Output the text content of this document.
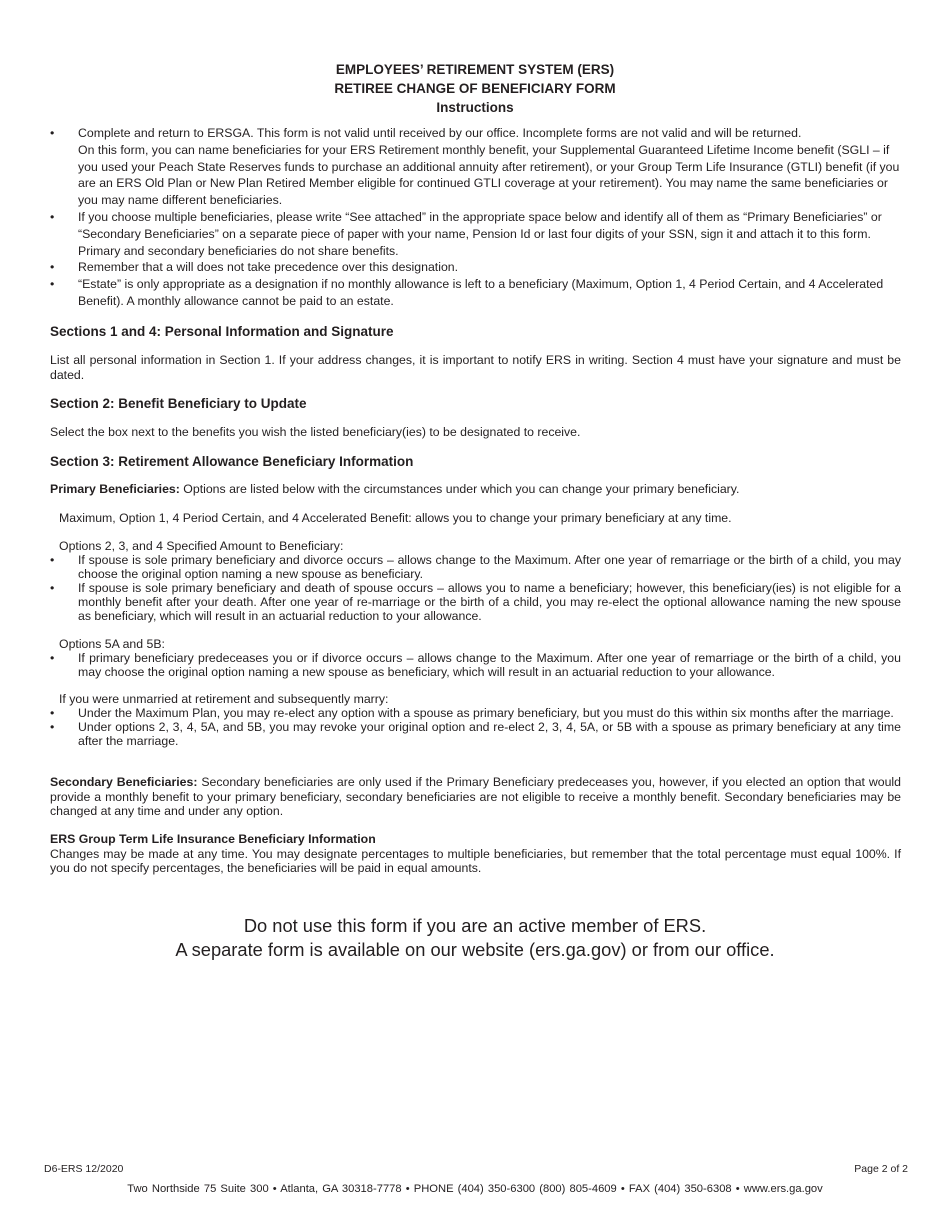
EMPLOYEES’ RETIREMENT SYSTEM (ERS)
RETIREE CHANGE OF BENEFICIARY FORM
Instructions
•	Complete and return to ERSGA. This form is not valid until received by our office. Incomplete forms are not valid and will be returned.
On this form, you can name beneficiaries for your ERS Retirement monthly benefit, your Supplemental Guaranteed Lifetime Income benefit (SGLI – if you used your Peach State Reserves funds to purchase an additional annuity after retirement), or your Group Term Life Insurance (GTLI) benefit (if you are an ERS Old Plan or New Plan Retired Member eligible for continued GTLI coverage at your retirement). You may name the same beneficiaries or you may name different beneficiaries.
•	If you choose multiple beneficiaries, please write “See attached” in the appropriate space below and identify all of them as “Primary Beneficiaries” or “Secondary Beneficiaries” on a separate piece of paper with your name, Pension Id or last four digits of your SSN, sign it and attach it to this form. Primary and secondary beneficiaries do not share benefits.
•	Remember that a will does not take precedence over this designation.
•	“Estate” is only appropriate as a designation if no monthly allowance is left to a beneficiary (Maximum, Option 1, 4 Period Certain, and 4 Accelerated Benefit). A monthly allowance cannot be paid to an estate.
Sections 1 and 4: Personal Information and Signature
List all personal information in Section 1. If your address changes, it is important to notify ERS in writing. Section 4 must have your signature and must be dated.
Section 2: Benefit Beneficiary to Update
Select the box next to the benefits you wish the listed beneficiary(ies) to be designated to receive.
Section 3: Retirement Allowance Beneficiary Information
Primary Beneficiaries: Options are listed below with the circumstances under which you can change your primary beneficiary.
Maximum, Option 1, 4 Period Certain, and 4 Accelerated Benefit: allows you to change your primary beneficiary at any time.
Options 2, 3, and 4 Specified Amount to Beneficiary:
•	If spouse is sole primary beneficiary and divorce occurs – allows change to the Maximum. After one year of remarriage or the birth of a child, you may choose the original option naming a new spouse as beneficiary.
•	If spouse is sole primary beneficiary and death of spouse occurs – allows you to name a beneficiary; however, this beneficiary(ies) is not eligible for a monthly benefit after your death. After one year of re-marriage or the birth of a child, you may re-elect the optional allowance naming the new spouse as beneficiary, which will result in an actuarial reduction to your allowance.
Options 5A and 5B:
•	If primary beneficiary predeceases you or if divorce occurs – allows change to the Maximum. After one year of remarriage or the birth of a child, you may choose the original option naming a new spouse as beneficiary, which will result in an actuarial reduction to your allowance.
If you were unmarried at retirement and subsequently marry:
•	Under the Maximum Plan, you may re-elect any option with a spouse as primary beneficiary, but you must do this within six months after the marriage.
•	Under options 2, 3, 4, 5A, and 5B, you may revoke your original option and re-elect 2, 3, 4, 5A, or 5B with a spouse as primary beneficiary at any time after the marriage.
Secondary Beneficiaries: Secondary beneficiaries are only used if the Primary Beneficiary predeceases you, however, if you elected an option that would provide a monthly benefit to your primary beneficiary, secondary beneficiaries are not eligible to receive a monthly benefit. Secondary beneficiaries may be changed at any time and under any option.
ERS Group Term Life Insurance Beneficiary Information
Changes may be made at any time. You may designate percentages to multiple beneficiaries, but remember that the total percentage must equal 100%. If you do not specify percentages, the beneficiaries will be paid in equal amounts.
Do not use this form if you are an active member of ERS.
A separate form is available on our website (ers.ga.gov) or from our office.
D6-ERS 12/2020	Page 2 of 2
Two Northside 75 Suite 300 • Atlanta, GA 30318-7778 • PHONE (404) 350-6300 (800) 805-4609 • FAX (404) 350-6308 • www.ers.ga.gov
